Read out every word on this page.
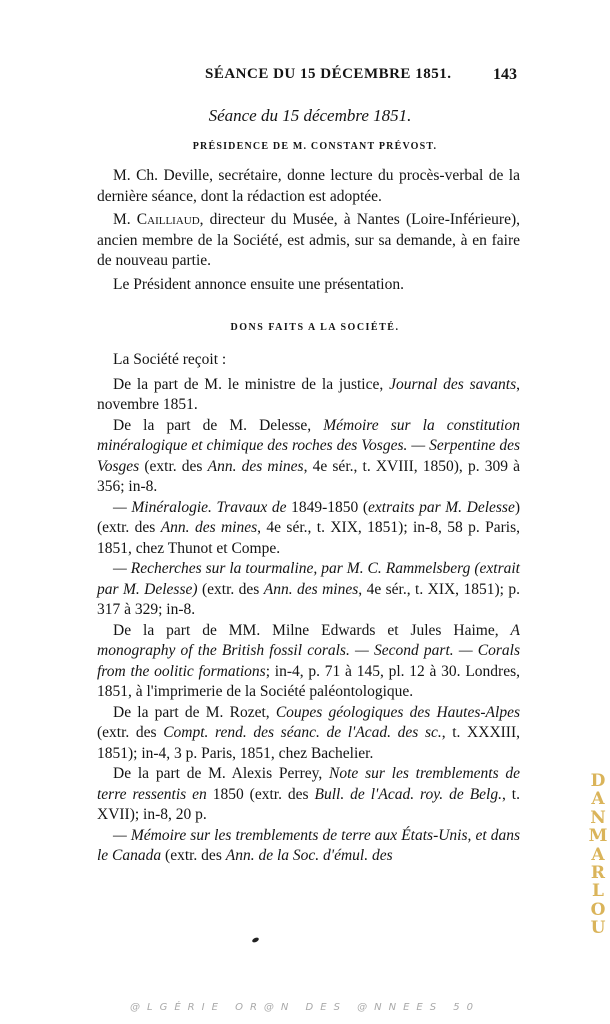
SÉANCE DU 15 DÉCEMBRE 1851.	143
Séance du 15 décembre 1851.
PRÉSIDENCE DE M. CONSTANT PRÉVOST.

M. Ch. Deville, secrétaire, donne lecture du procès-verbal de la dernière séance, dont la rédaction est adoptée.

M. Cailliaud, directeur du Musée, à Nantes (Loire-Inférieure), ancien membre de la Société, est admis, sur sa demande, à en faire de nouveau partie.

Le Président annonce ensuite une présentation.

DONS FAITS A LA SOCIÉTÉ.

La Société reçoit :

De la part de M. le ministre de la justice, Journal des savants, novembre 1851.

De la part de M. Delesse, Mémoire sur la constitution minéralogique et chimique des roches des Vosges. — Serpentine des Vosges (extr. des Ann. des mines, 4e sér., t. XVIII, 1850), p. 309 à 356; in-8.

— Minéralogie. Travaux de 1849-1850 (extraits par M. Delesse) (extr. des Ann. des mines, 4e sér., t. XIX, 1851); in-8, 58 p. Paris, 1851, chez Thunot et Compe.

— Recherches sur la tourmaline, par M. C. Rammelsberg (extrait par M. Delesse) (extr. des Ann. des mines, 4e sér., t. XIX, 1851); p. 317 à 329; in-8.

De la part de MM. Milne Edwards et Jules Haime, A monography of the British fossil corals. — Second part. — Corals from the oolitic formations; in-4, p. 71 à 145, pl. 12 à 30. Londres, 1851, à l'imprimerie de la Société paléontologique.

De la part de M. Rozet, Coupes géologiques des Hautes-Alpes (extr. des Compt. rend. des séanc. de l'Acad. des sc., t. XXXIII, 1851); in-4, 3 p. Paris, 1851, chez Bachelier.

De la part de M. Alexis Perrey, Note sur les tremblements de terre ressentis en 1850 (extr. des Bull. de l'Acad. roy. de Belg., t. XVII); in-8, 20 p.

— Mémoire sur les tremblements de terre aux États-Unis, et dans le Canada (extr. des Ann. de la Soc. d'émul. des

D
A
N
M
A
R
L
O
U
@LGÉRIE OR@N DES @NNEES 50
